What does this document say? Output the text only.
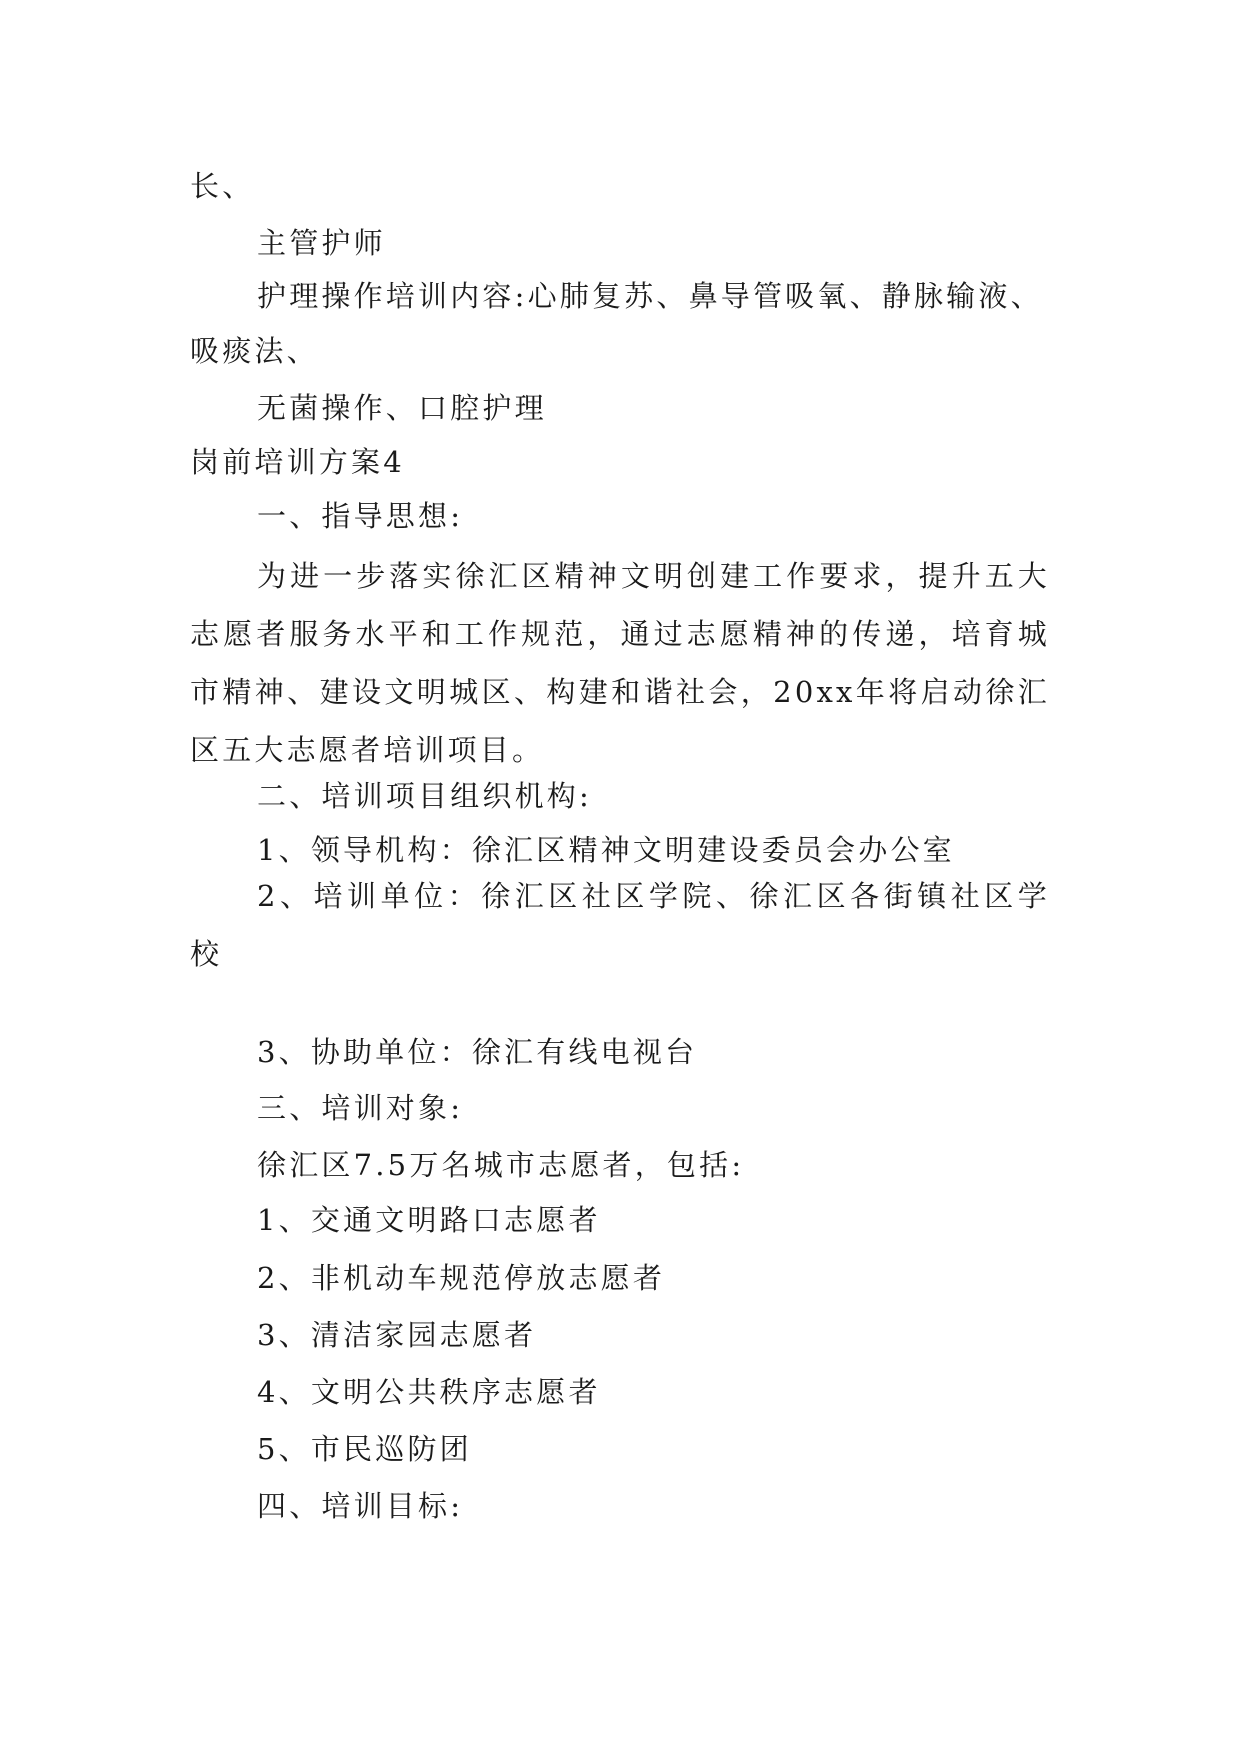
长、
主管护师
护理操作培训内容:心肺复苏、鼻导管吸氧、静脉输液、
吸痰法、
无菌操作、口腔护理
岗前培训方案4
一、指导思想:
为进一步落实徐汇区精神文明创建工作要求，提升五大志愿者服务水平和工作规范，通过志愿精神的传递，培育城市精神、建设文明城区、构建和谐社会，20xx年将启动徐汇区五大志愿者培训项目。
二、培训项目组织机构:
1、领导机构：徐汇区精神文明建设委员会办公室
2、培训单位：徐汇区社区学院、徐汇区各街镇社区学校
3、协助单位：徐汇有线电视台
三、培训对象:
徐汇区7.5万名城市志愿者，包括:
1、交通文明路口志愿者
2、非机动车规范停放志愿者
3、清洁家园志愿者
4、文明公共秩序志愿者
5、市民巡防团
四、培训目标:
